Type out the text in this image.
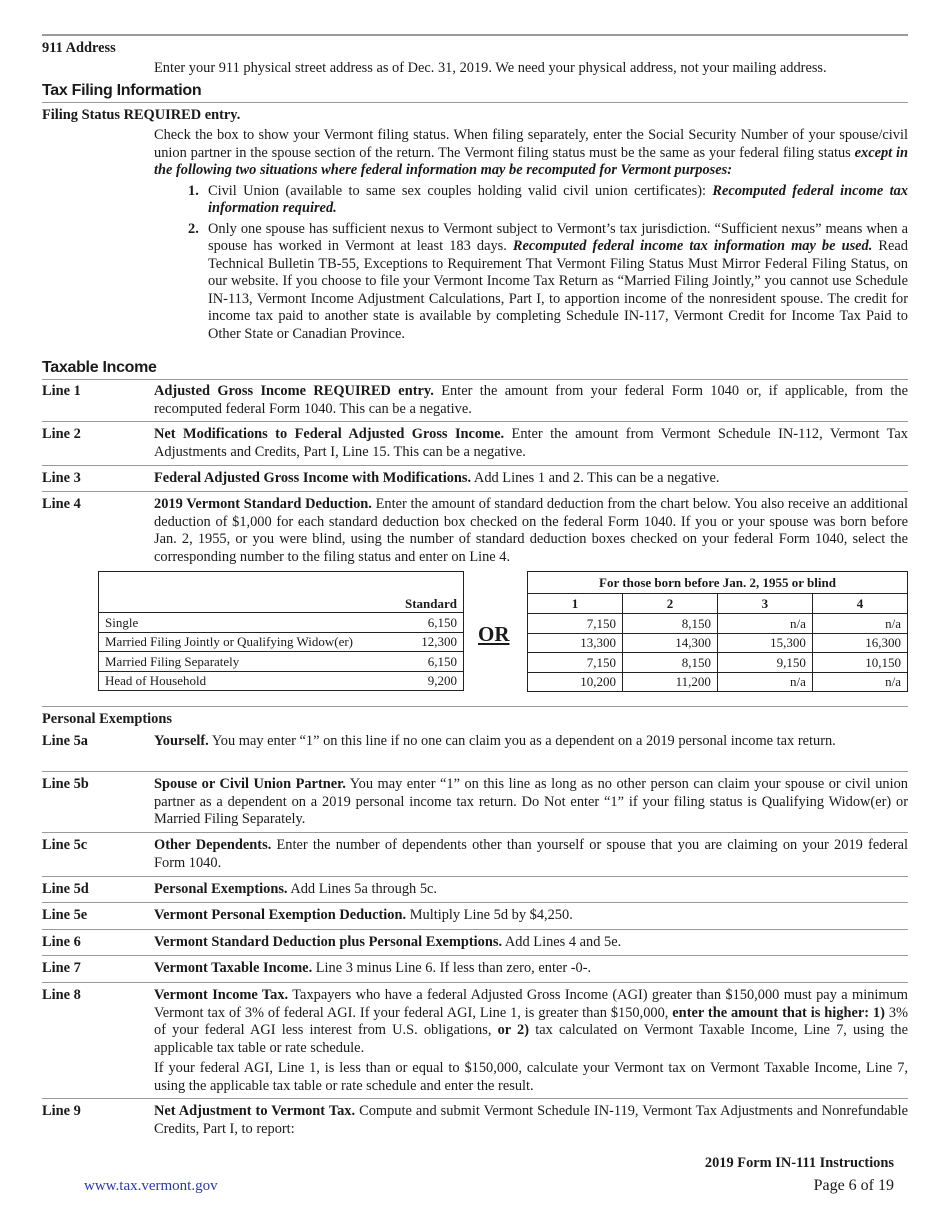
911 Address
Enter your 911 physical street address as of Dec. 31, 2019. We need your physical address, not your mailing address.
Tax Filing Information
Filing Status REQUIRED entry.
Check the box to show your Vermont filing status. When filing separately, enter the Social Security Number of your spouse/civil union partner in the spouse section of the return. The Vermont filing status must be the same as your federal filing status except in the following two situations where federal information may be recomputed for Vermont purposes:
1. Civil Union (available to same sex couples holding valid civil union certificates): Recomputed federal income tax information required.
2. Only one spouse has sufficient nexus to Vermont subject to Vermont’s tax jurisdiction. “Sufficient nexus” means when a spouse has worked in Vermont at least 183 days. Recomputed federal income tax information may be used. Read Technical Bulletin TB-55, Exceptions to Requirement That Vermont Filing Status Must Mirror Federal Filing Status, on our website. If you choose to file your Vermont Income Tax Return as “Married Filing Jointly,” you cannot use Schedule IN-113, Vermont Income Adjustment Calculations, Part I, to apportion income of the nonresident spouse. The credit for income tax paid to another state is available by completing Schedule IN-117, Vermont Credit for Income Tax Paid to Other State or Canadian Province.
Taxable Income
Line 1	Adjusted Gross Income REQUIRED entry. Enter the amount from your federal Form 1040 or, if applicable, from the recomputed federal Form 1040. This can be a negative.
Line 2	Net Modifications to Federal Adjusted Gross Income. Enter the amount from Vermont Schedule IN-112, Vermont Tax Adjustments and Credits, Part I, Line 15. This can be a negative.
Line 3	Federal Adjusted Gross Income with Modifications. Add Lines 1 and 2. This can be a negative.
Line 4	2019 Vermont Standard Deduction. Enter the amount of standard deduction from the chart below. You also receive an additional deduction of $1,000 for each standard deduction box checked on the federal Form 1040. If you or your spouse was born before Jan. 2, 1955, or you were blind, using the number of standard deduction boxes checked on your federal Form 1040, select the corresponding number to the filing status and enter on Line 4.

	Standard
Single	6,150
Married Filing Jointly or Qualifying Widow(er)	12,300
Married Filing Separately	6,150
Head of Household	9,200
OR
For those born before Jan. 2, 1955 or blind			
1	2	3	4
7,150	8,150	n/a	n/a
13,300	14,300	15,300	16,300
7,150	8,150	9,150	10,150
10,200	11,200	n/a	n/a
Personal Exemptions
Line 5a	Yourself. You may enter “1” on this line if no one can claim you as a dependent on a 2019 personal income tax return.
Line 5b	Spouse or Civil Union Partner. You may enter “1” on this line as long as no other person can claim your spouse or civil union partner as a dependent on a 2019 personal income tax return. Do Not enter “1” if your filing status is Qualifying Widow(er) or Married Filing Separately.
Line 5c	Other Dependents. Enter the number of dependents other than yourself or spouse that you are claiming on your 2019 federal Form 1040.
Line 5d	Personal Exemptions. Add Lines 5a through 5c.
Line 5e	Vermont Personal Exemption Deduction. Multiply Line 5d by $4,250.
Line 6	Vermont Standard Deduction plus Personal Exemptions. Add Lines 4 and 5e.
Line 7	Vermont Taxable Income. Line 3 minus Line 6. If less than zero, enter -0-.
Line 8	Vermont Income Tax. Taxpayers who have a federal Adjusted Gross Income (AGI) greater than $150,000 must pay a minimum Vermont tax of 3% of federal AGI. If your federal AGI, Line 1, is greater than $150,000, enter the amount that is higher: 1) 3% of your federal AGI less interest from U.S. obligations, or 2) tax calculated on Vermont Taxable Income, Line 7, using the applicable tax table or rate schedule.
If your federal AGI, Line 1, is less than or equal to $150,000, calculate your Vermont tax on Vermont Taxable Income, Line 7, using the applicable tax table or rate schedule and enter the result.
Line 9	Net Adjustment to Vermont Tax. Compute and submit Vermont Schedule IN-119, Vermont Tax Adjustments and Nonrefundable Credits, Part I, to report:
2019 Form IN-111 Instructions
Page 6 of 19
www.tax.vermont.gov
